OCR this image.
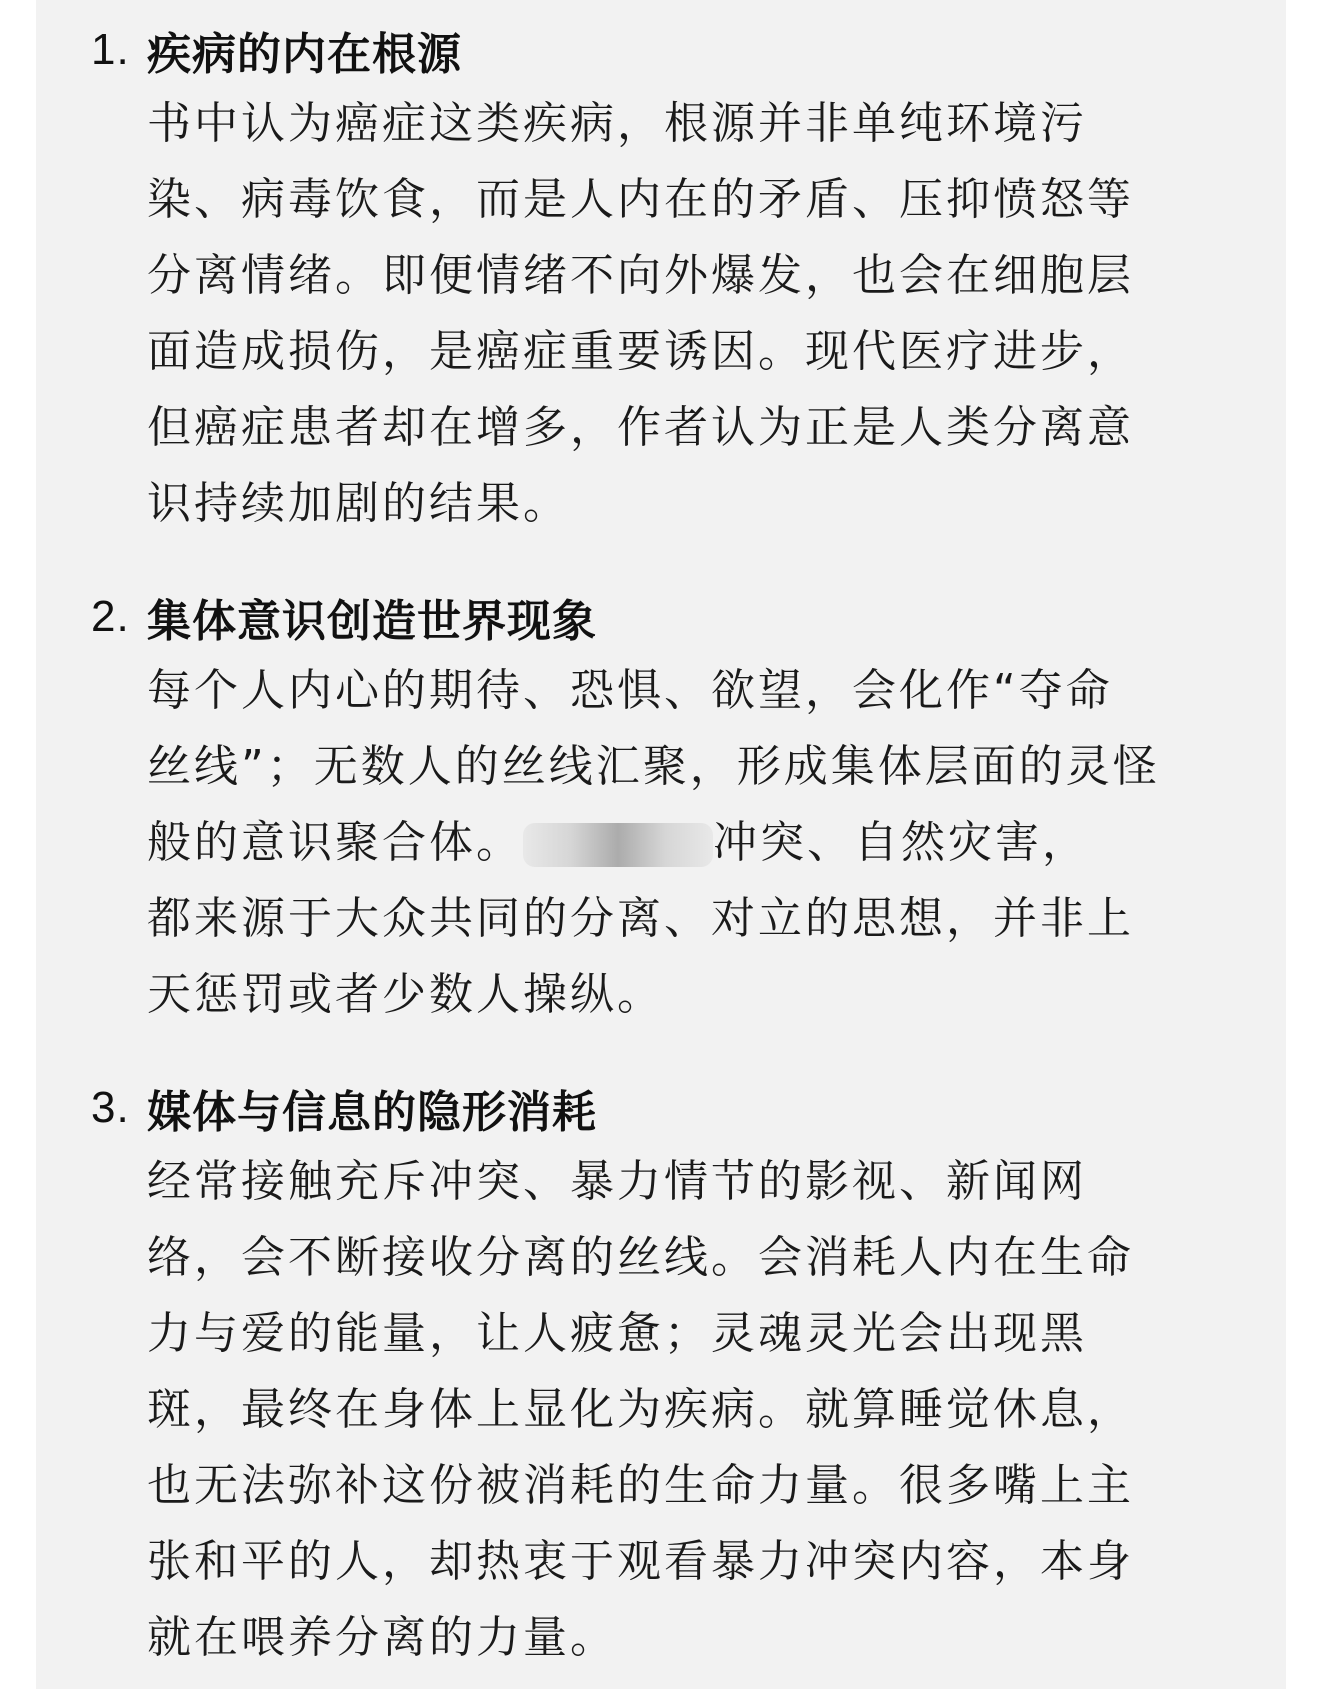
1. 疾病的内在根源
书中认为癌症这类疾病，根源并非单纯环境污
染、病毒饮食，而是人内在的矛盾、压抑愤怒等
分离情绪。即便情绪不向外爆发，也会在细胞层
面造成损伤，是癌症重要诱因。现代医疗进步，
但癌症患者却在增多，作者认为正是人类分离意
识持续加剧的结果。
2. 集体意识创造世界现象
每个人内心的期待、恐惧、欲望，会化作“夺命
丝线”；无数人的丝线汇聚，形成集体层面的灵怪
般的意识聚合体。	冲突、自然灾害，
都来源于大众共同的分离、对立的思想，并非上
天惩罚或者少数人操纵。
3. 媒体与信息的隐形消耗
经常接触充斥冲突、暴力情节的影视、新闻网
络，会不断接收分离的丝线。会消耗人内在生命
力与爱的能量，让人疲惫；灵魂灵光会出现黑
斑，最终在身体上显化为疾病。就算睡觉休息，
也无法弥补这份被消耗的生命力量。很多嘴上主
张和平的人，却热衷于观看暴力冲突内容，本身
就在喂养分离的力量。
